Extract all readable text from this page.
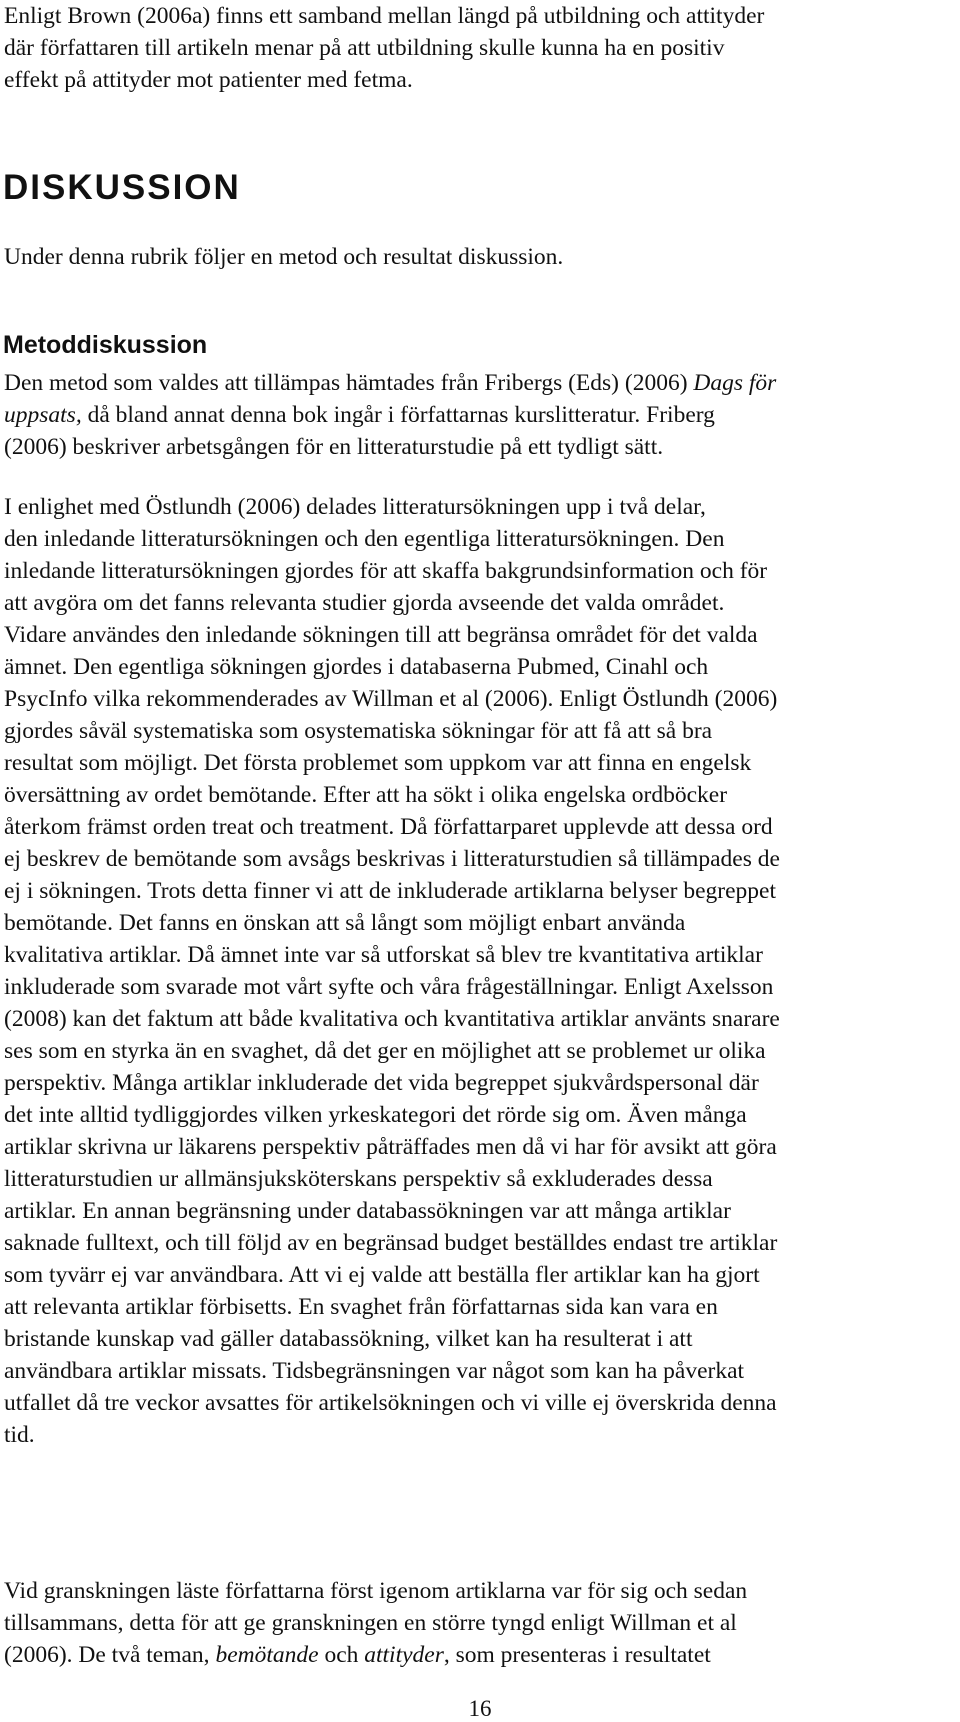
Enligt Brown (2006a) finns ett samband mellan längd på utbildning och attityder
där författaren till artikeln menar på att utbildning skulle kunna ha en positiv
effekt på attityder mot patienter med fetma.
DISKUSSION
Under denna rubrik följer en metod och resultat diskussion.
Metoddiskussion
Den metod som valdes att tillämpas hämtades från Fribergs (Eds) (2006) Dags för
uppsats, då bland annat denna bok ingår i författarnas kurslitteratur. Friberg
(2006) beskriver arbetsgången för en litteraturstudie på ett tydligt sätt.
I enlighet med Östlundh (2006) delades litteratursökningen upp i två delar,
den inledande litteratursökningen och den egentliga litteratursökningen. Den
inledande litteratursökningen gjordes för att skaffa bakgrundsinformation och för
att avgöra om det fanns relevanta studier gjorda avseende det valda området.
Vidare användes den inledande sökningen till att begränsa området för det valda
ämnet. Den egentliga sökningen gjordes i databaserna Pubmed, Cinahl och
PsycInfo vilka rekommenderades av Willman et al (2006). Enligt Östlundh (2006)
gjordes såväl systematiska som osystematiska sökningar för att få att så bra
resultat som möjligt. Det första problemet som uppkom var att finna en engelsk
översättning av ordet bemötande. Efter att ha sökt i olika engelska ordböcker
återkom främst orden treat och treatment. Då författarparet upplevde att dessa ord
ej beskrev de bemötande som avsågs beskrivas i litteraturstudien så tillämpades de
ej i sökningen. Trots detta finner vi att de inkluderade artiklarna belyser begreppet
bemötande. Det fanns en önskan att så långt som möjligt enbart använda
kvalitativa artiklar. Då ämnet inte var så utforskat så blev tre kvantitativa artiklar
inkluderade som svarade mot vårt syfte och våra frågeställningar. Enligt Axelsson
(2008) kan det faktum att både kvalitativa och kvantitativa artiklar använts snarare
ses som en styrka än en svaghet, då det ger en möjlighet att se problemet ur olika
perspektiv. Många artiklar inkluderade det vida begreppet sjukvårdspersonal där
det inte alltid tydliggjordes vilken yrkeskategori det rörde sig om. Även många
artiklar skrivna ur läkarens perspektiv påträffades men då vi har för avsikt att göra
litteraturstudien ur allmänsjuksköterskans perspektiv så exkluderades dessa
artiklar. En annan begränsning under databassökningen var att många artiklar
saknade fulltext, och till följd av en begränsad budget beställdes endast tre artiklar
som tyvärr ej var användbara. Att vi ej valde att beställa fler artiklar kan ha gjort
att relevanta artiklar förbisetts. En svaghet från författarnas sida kan vara en
bristande kunskap vad gäller databassökning, vilket kan ha resulterat i att
användbara artiklar missats. Tidsbegränsningen var något som kan ha påverkat
utfallet då tre veckor avsattes för artikelsökningen och vi ville ej överskrida denna
tid.
Vid granskningen läste författarna först igenom artiklarna var för sig och sedan
tillsammans, detta för att ge granskningen en större tyngd enligt Willman et al
(2006). De två teman, bemötande och attityder, som presenteras i resultatet
16
